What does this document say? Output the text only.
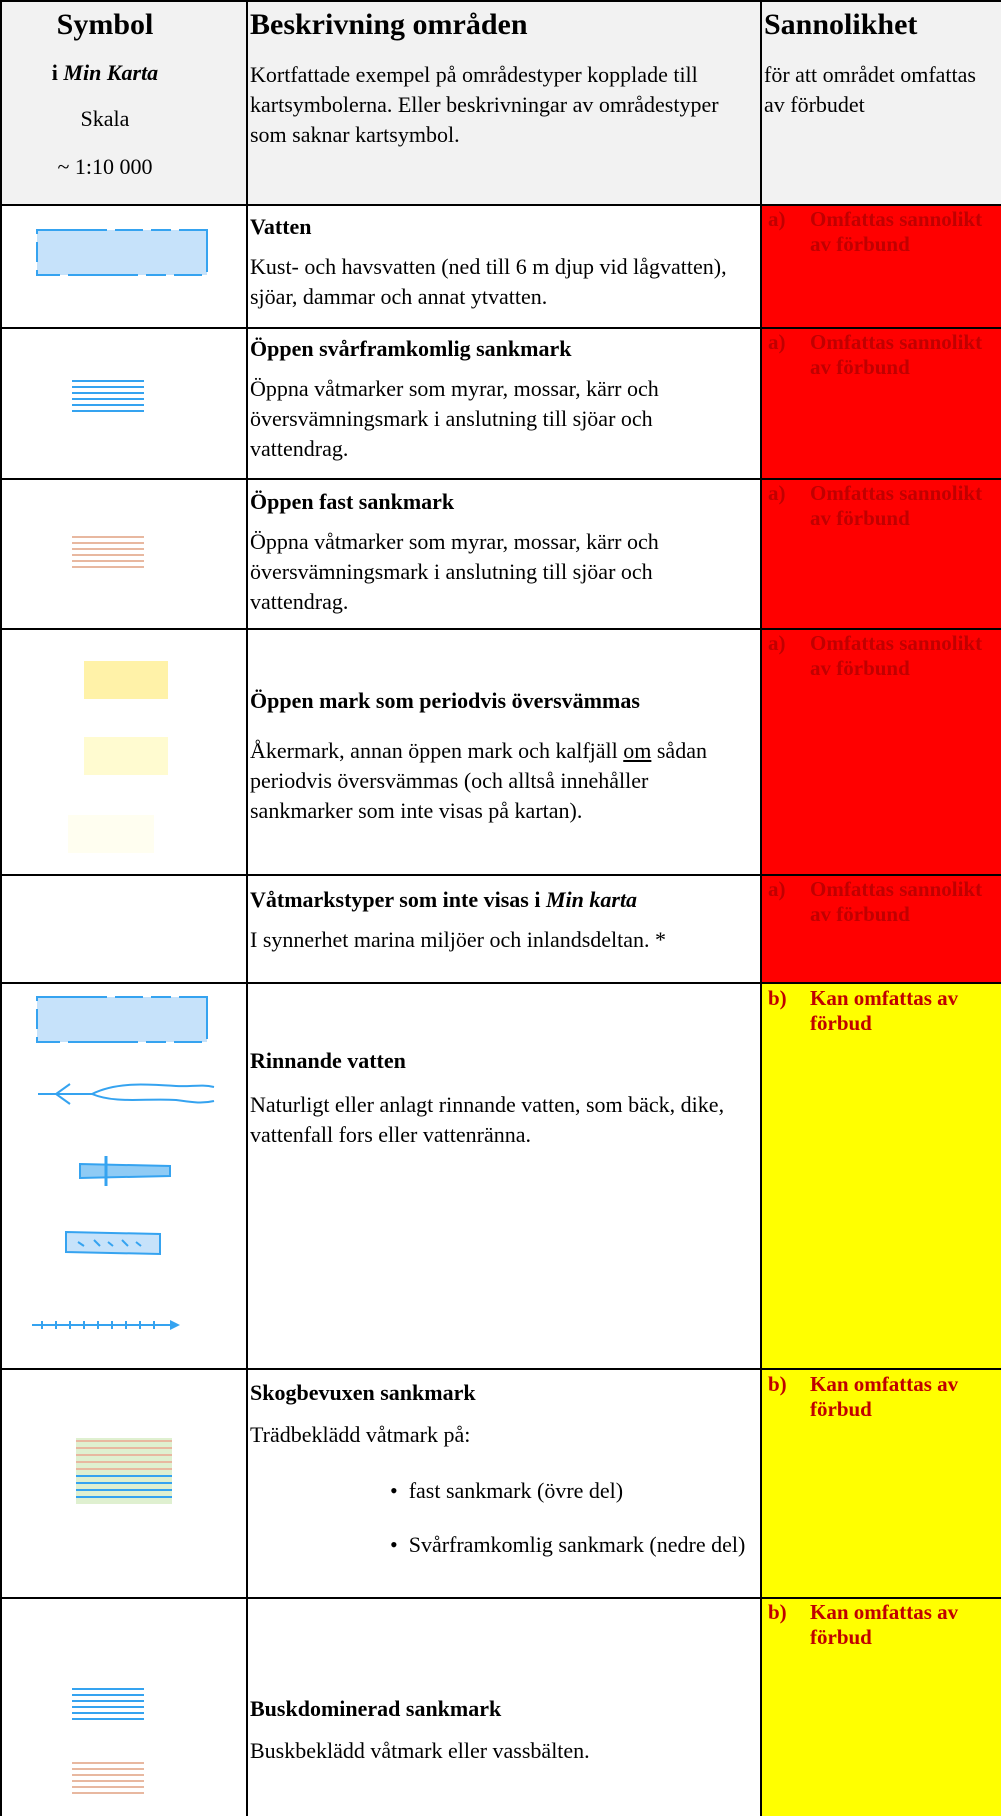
Symbol
i Min Karta
Skala
~ 1:10 000
Beskrivning områden
Kortfattade exempel på områdestyper kopplade till kartsymbolerna. Eller beskrivningar av områdestyper som saknar kartsymbol.
Sannolikhet
för att området omfattas av förbudet
Vatten
Kust- och havsvatten (ned till 6 m djup vid lågvatten), sjöar, dammar och annat ytvatten.
a) Omfattas sannolikt av förbund
Öppen svårframkomlig sankmark
Öppna våtmarker som myrar, mossar, kärr och översvämningsmark i anslutning till sjöar och vattendrag.
a) Omfattas sannolikt av förbund
Öppen fast sankmark
Öppna våtmarker som myrar, mossar, kärr och översvämningsmark i anslutning till sjöar och vattendrag.
a) Omfattas sannolikt av förbund
Öppen mark som periodvis översvämmas
Åkermark, annan öppen mark och kalfjäll om sådan periodvis översvämmas (och alltså innehåller sankmarker som inte visas på kartan).
a) Omfattas sannolikt av förbund
Våtmarkstyper som inte visas i Min karta
I synnerhet marina miljöer och inlandsdeltan. *
a) Omfattas sannolikt av förbund
Rinnande vatten
Naturligt eller anlagt rinnande vatten, som bäck, dike, vattenfall fors eller vattenränna.
b) Kan omfattas av förbud
Skogbevuxen sankmark
Trädbeklädd våtmark på:
•  fast sankmark (övre del)
•  Svårframkomlig sankmark (nedre del)
b) Kan omfattas av förbud
Buskdominerad sankmark
Buskbeklädd våtmark eller vassbälten.
b) Kan omfattas av förbud
